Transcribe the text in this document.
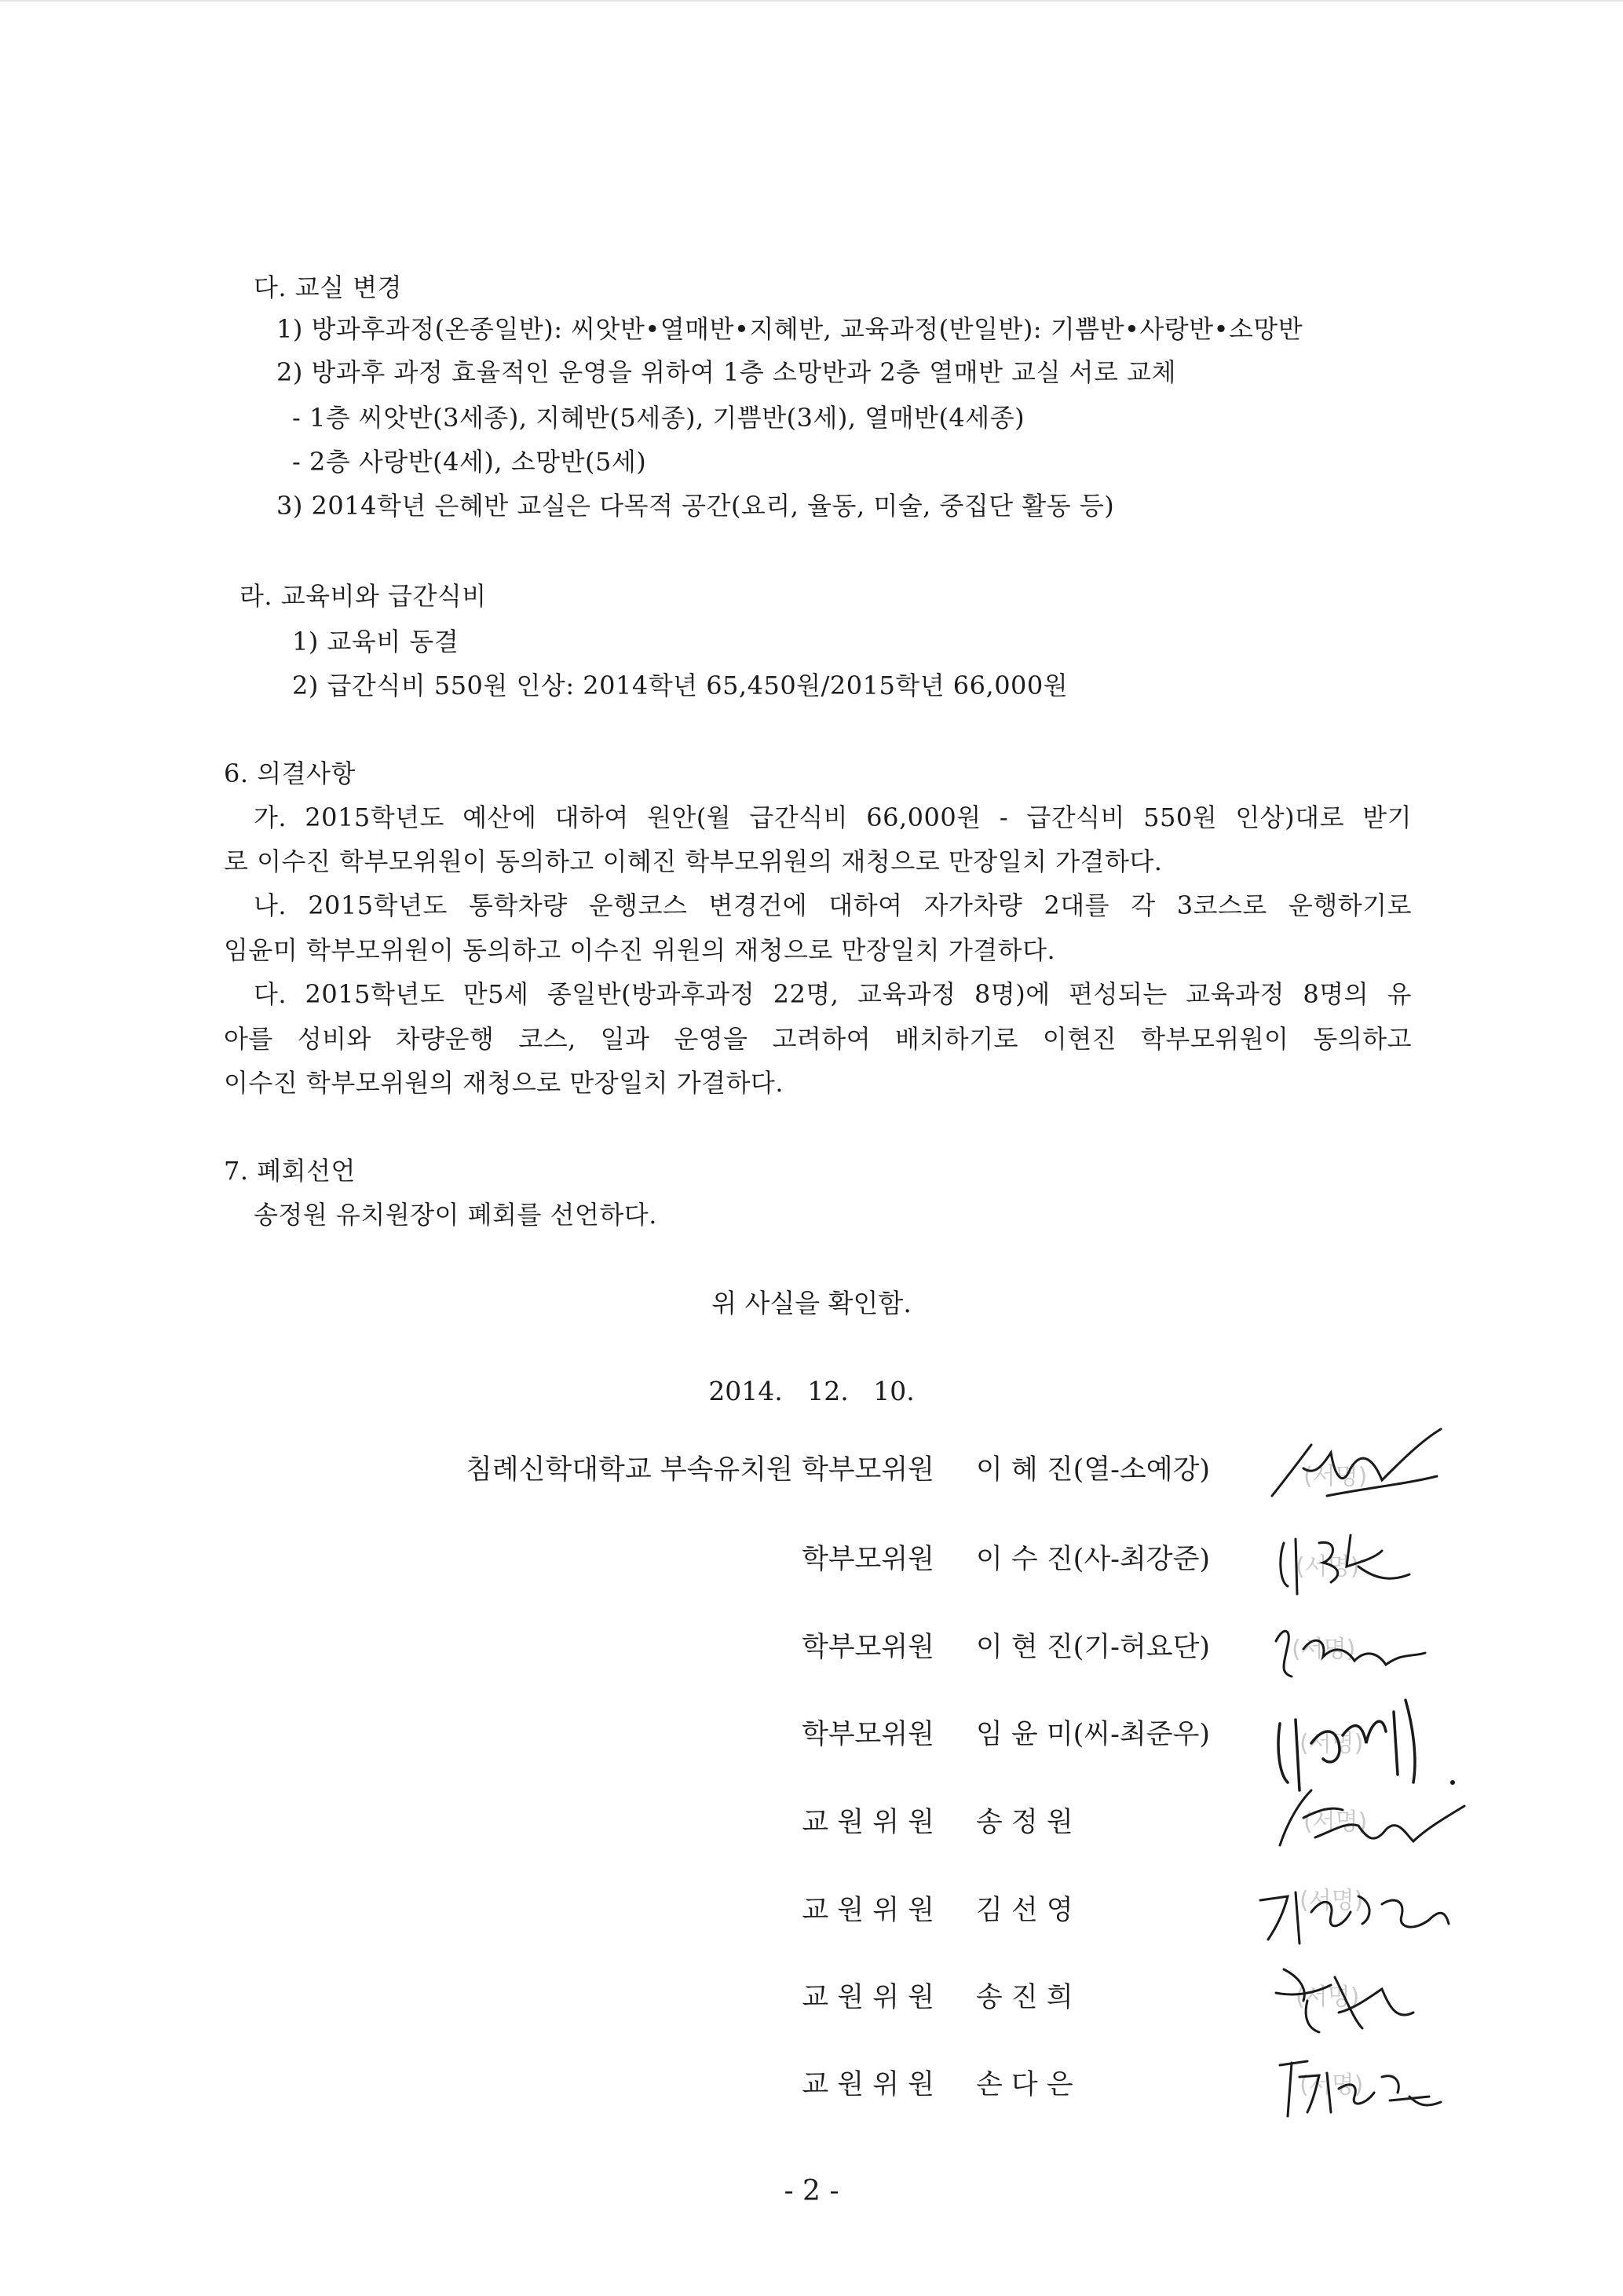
다. 교실 변경
1) 방과후과정(온종일반): 씨앗반•열매반•지혜반, 교육과정(반일반): 기쁨반•사랑반•소망반
2) 방과후 과정 효율적인 운영을 위하여 1층 소망반과 2층 열매반 교실 서로 교체
- 1층 씨앗반(3세종), 지혜반(5세종), 기쁨반(3세), 열매반(4세종)
- 2층 사랑반(4세), 소망반(5세)
3) 2014학년 은혜반 교실은 다목적 공간(요리, 율동, 미술, 중집단 활동 등)
라. 교육비와 급간식비
1) 교육비 동결
2) 급간식비 550원 인상: 2014학년 65,450원/2015학년 66,000원
6. 의결사항
가. 2015학년도 예산에 대하여 원안(월 급간식비 66,000원 - 급간식비 550원 인상)대로 받기
로 이수진 학부모위원이 동의하고 이혜진 학부모위원의 재청으로 만장일치 가결하다.
나. 2015학년도 통학차량 운행코스 변경건에 대하여 자가차량 2대를 각 3코스로 운행하기로
임윤미 학부모위원이 동의하고 이수진 위원의 재청으로 만장일치 가결하다.
다. 2015학년도 만5세 종일반(방과후과정 22명, 교육과정 8명)에 편성되는 교육과정 8명의 유
아를 성비와 차량운행 코스, 일과 운영을 고려하여 배치하기로 이현진 학부모위원이 동의하고
이수진 학부모위원의 재청으로 만장일치 가결하다.
7. 폐회선언
송정원 유치원장이 폐회를 선언하다.
위 사실을 확인함.
2014.   12.   10.
침례신학대학교 부속유치원 학부모위원 이 혜 진(열-소예강)
학부모위원 이 수 진(사-최강준)
학부모위원 이 현 진(기-허요단)
학부모위원 임 윤 미(씨-최준우)
교 원 위 원 송 정 원
교 원 위 원 김 선 영
교 원 위 원 송 진 희
교 원 위 원 손 다 은
(서명)
(서명)
(서명)
(서명)
(서명)
(서명)
(서명)
(서명)
- 2 -
